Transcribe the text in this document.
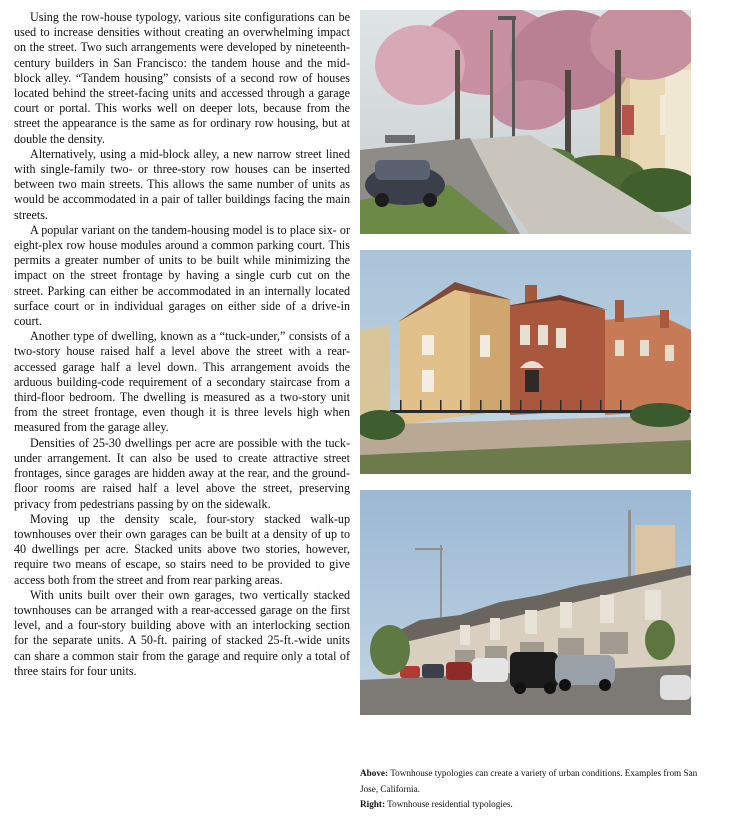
Using the row-house typology, various site configurations can be used to increase densities without creating an overwhelming impact on the street. Two such arrangements were developed by nineteenth-century builders in San Francisco: the tandem house and the mid-block alley. “Tandem housing” consists of a second row of houses located behind the street-facing units and accessed through a garage court or portal. This works well on deeper lots, because from the street the appearance is the same as for ordinary row housing, but at double the density.

Alternatively, using a mid-block alley, a new narrow street lined with single-family two- or three-story row houses can be inserted between two main streets. This allows the same number of units as would be accommodated in a pair of taller buildings facing the main streets.

A popular variant on the tandem-housing model is to place six- or eight-plex row house modules around a common parking court. This permits a greater number of units to be built while minimizing the impact on the street frontage by having a single curb cut on the street. Parking can either be accommodated in an internally located surface court or in individual garages on either side of a drive-in court.

Another type of dwelling, known as a “tuck-under,” consists of a two-story house raised half a level above the street with a rear-accessed garage half a level down. This arrangement avoids the arduous building-code requirement of a secondary staircase from a third-floor bedroom. The dwelling is measured as a two-story unit from the street frontage, even though it is three levels high when measured from the garage alley.

Densities of 25-30 dwellings per acre are possible with the tuck-under arrangement. It can also be used to create attractive street frontages, since garages are hidden away at the rear, and the ground-floor rooms are raised half a level above the street, preserving privacy from pedestrians passing by on the sidewalk.

Moving up the density scale, four-story stacked walk-up townhouses over their own garages can be built at a density of up to 40 dwellings per acre. Stacked units above two stories, however, require two means of escape, so stairs need to be provided to give access both from the street and from rear parking areas.

With units built over their own garages, two vertically stacked townhouses can be arranged with a rear-accessed garage on the first level, and a four-story building above with an interlocking section for the separate units. A 50-ft. pairing of stacked 25-ft.-wide units can share a common stair from the garage and require only a total of three stairs for four units.

Above: Townhouse typologies can create a variety of urban conditions. Examples from San Jose, California.

Right: Townhouse residential typologies.
